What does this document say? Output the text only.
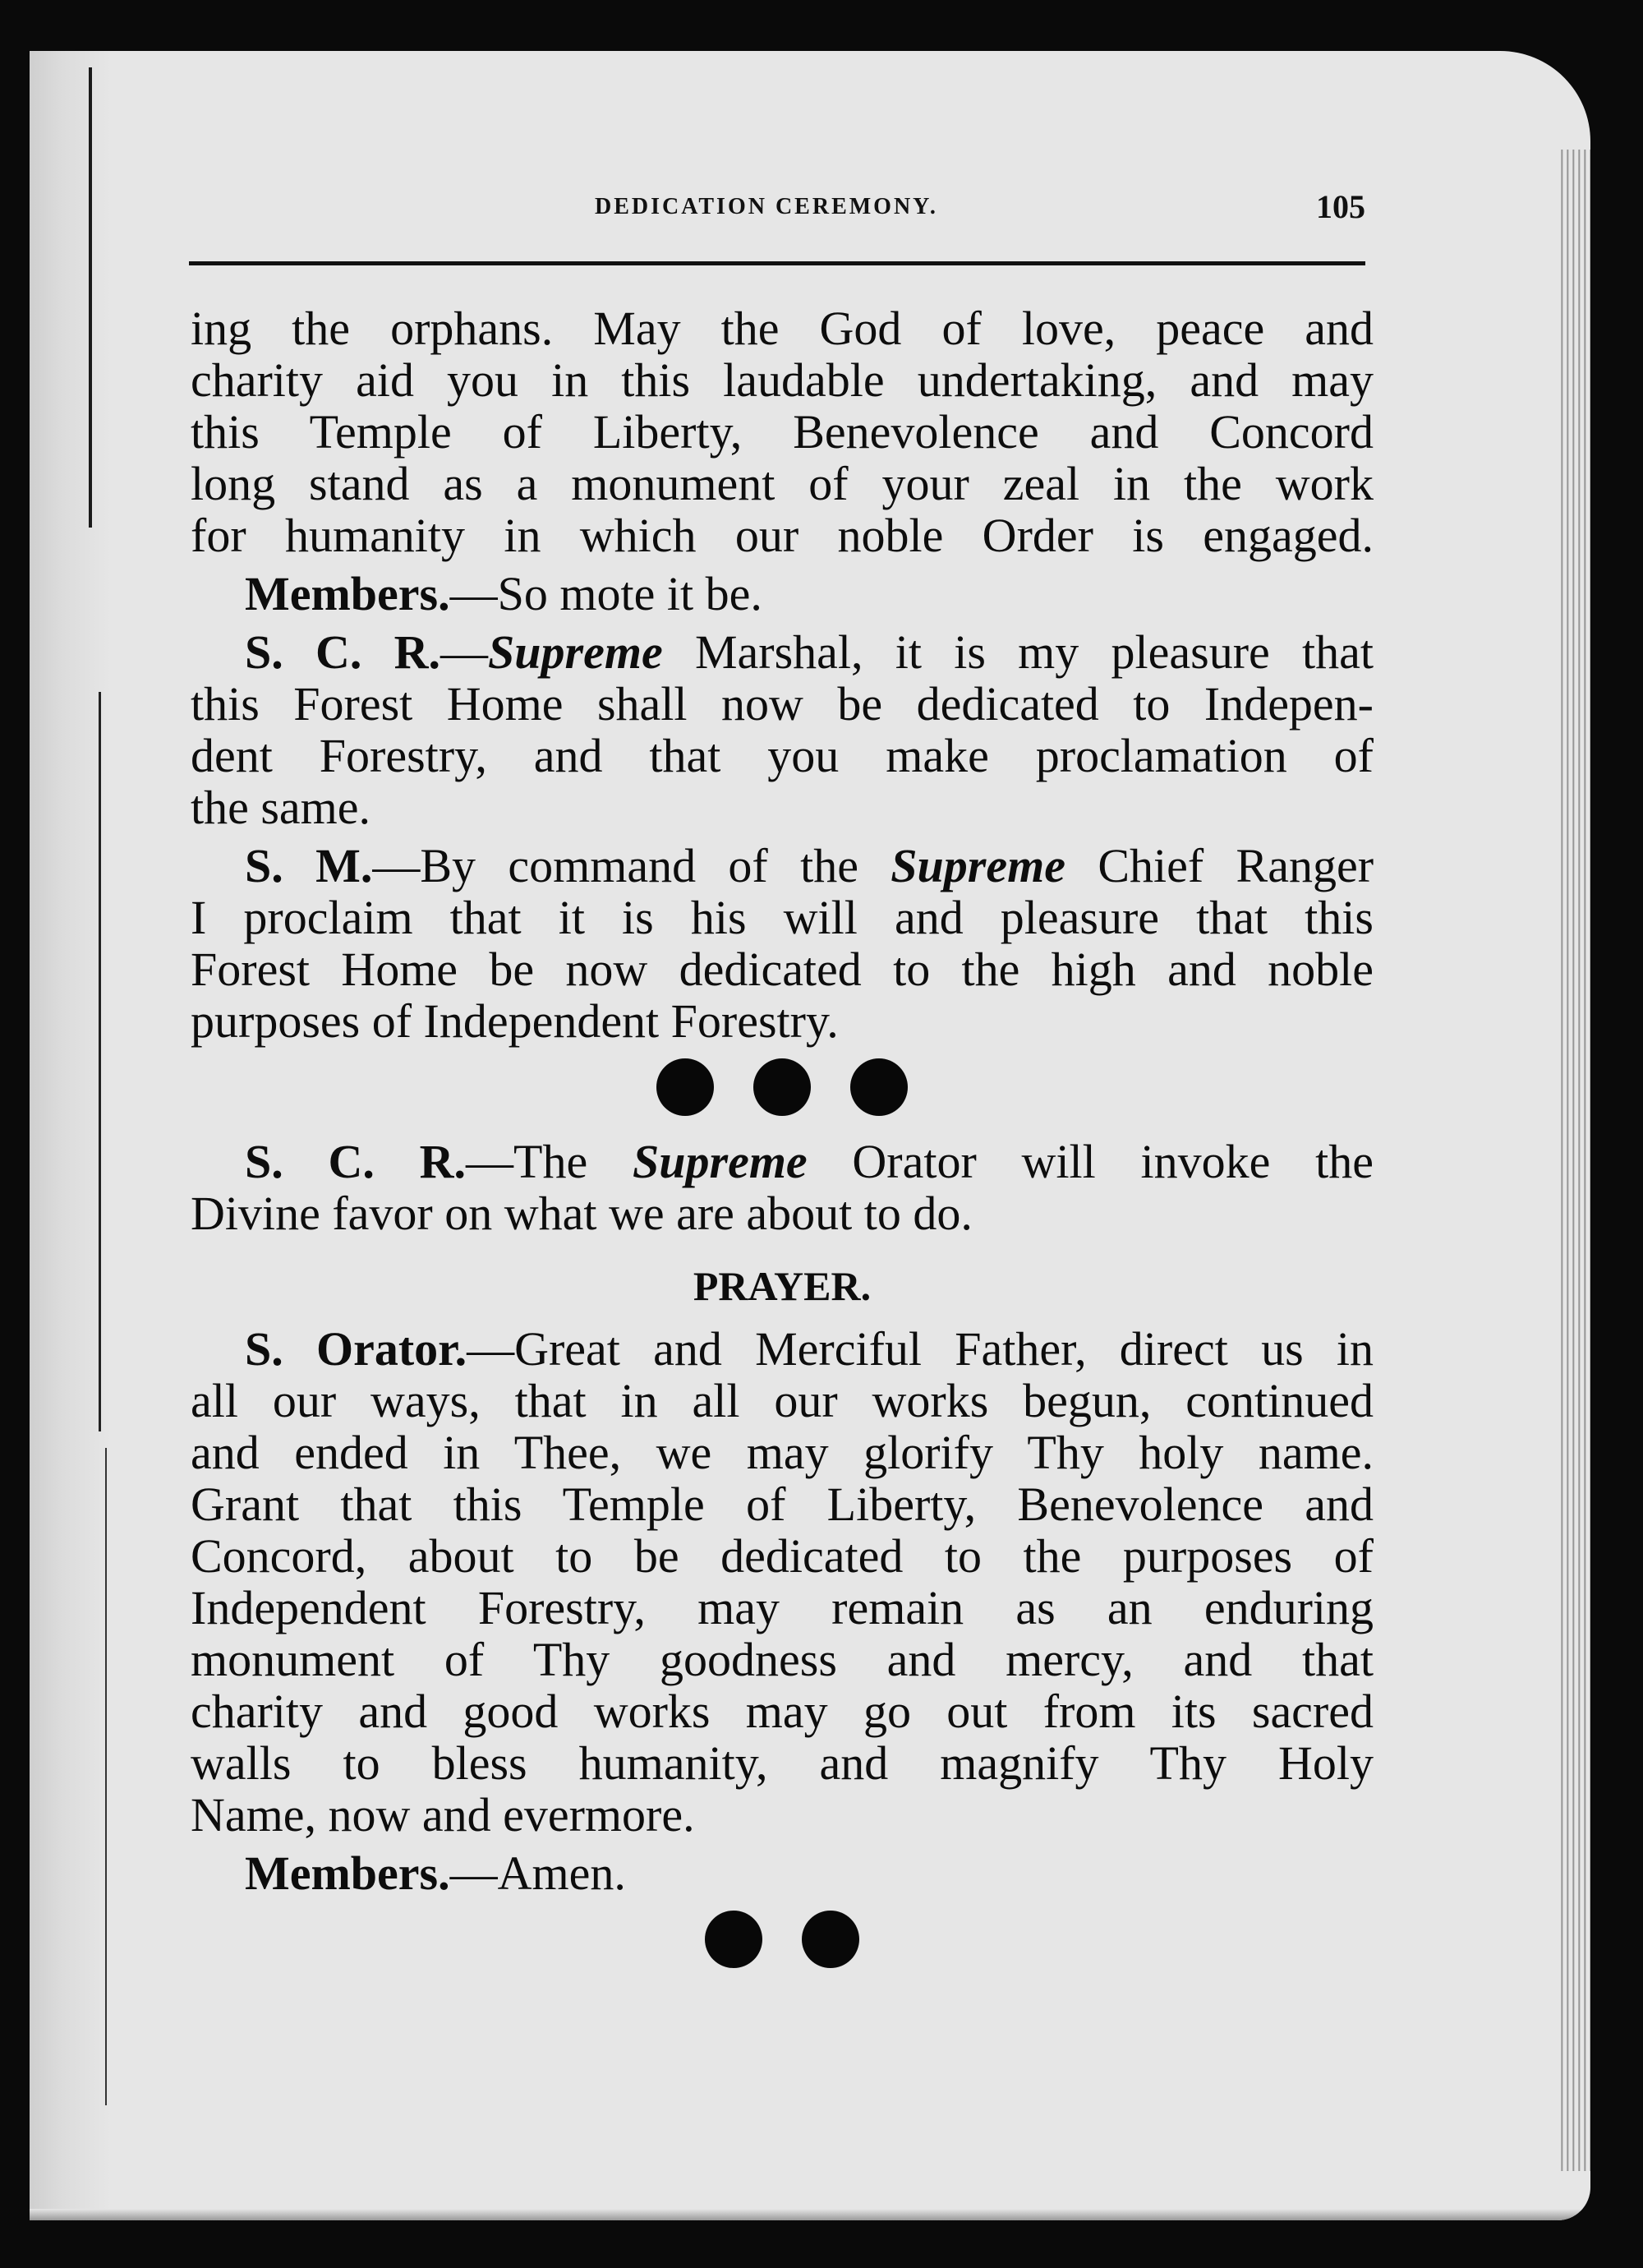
DEDICATION CEREMONY.	105
ing the orphans. May the God of love, peace and
charity aid you in this laudable undertaking, and may
this Temple of Liberty, Benevolence and Concord
long stand as a monument of your zeal in the work
for humanity in which our noble Order is engaged.
Members.—So mote it be.
S. C. R.—Supreme Marshal, it is my pleasure that
this Forest Home shall now be dedicated to Indepen-
dent Forestry, and that you make proclamation of
the same.
S. M.—By command of the Supreme Chief Ranger
I proclaim that it is his will and pleasure that this
Forest Home be now dedicated to the high and noble
purposes of Independent Forestry.
S. C. R.—The Supreme Orator will invoke the
Divine favor on what we are about to do.
PRAYER.
S. Orator.—Great and Merciful Father, direct us in
all our ways, that in all our works begun, continued
and ended in Thee, we may glorify Thy holy name.
Grant that this Temple of Liberty, Benevolence and
Concord, about to be dedicated to the purposes of
Independent Forestry, may remain as an enduring
monument of Thy goodness and mercy, and that
charity and good works may go out from its sacred
walls to bless humanity, and magnify Thy Holy
Name, now and evermore.
Members.—Amen.
